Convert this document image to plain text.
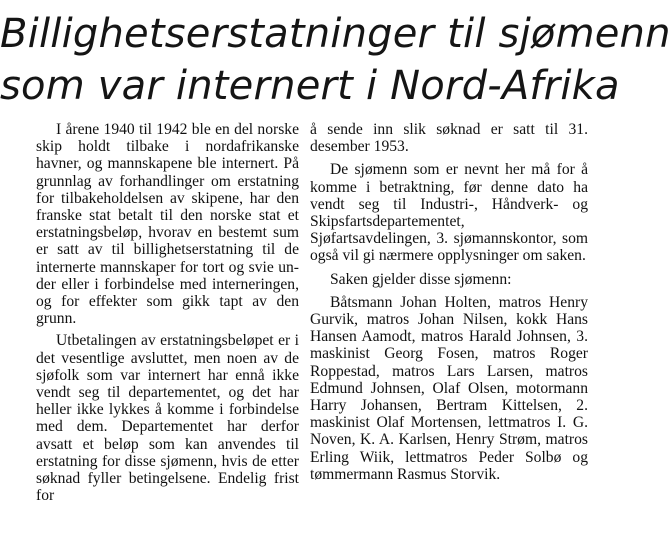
Billighetserstatninger til sjømenn
som var internert i Nord-Afrika

I årene 1940 til 1942 ble en del norske skip holdt tilbake i nordafrikanske havner, og mannskapene ble internert. På grunnlag av forhandlinger om erstatning for tilbakeholdelsen av skipene, har den franske stat betalt til den norske stat et erstatningsbeløp, hvorav en bestemt sum er satt av til billighetserstatning til de internerte mannskaper for tort og svie under eller i forbindelse med interneringen, og for effekter som gikk tapt av den grunn.

Utbetalingen av erstatningsbeløpet er i det vesentlige avsluttet, men noen av de sjøfolk som var internert har ennå ikke vendt seg til departementet, og det har heller ikke lykkes å komme i forbindelse med dem. Departementet har derfor avsatt et beløp som kan anvendes til erstatning for disse sjømenn, hvis de etter søknad fyller betingelsene. Endelig frist for

å sende inn slik søknad er satt til 31. desember 1953.

De sjømenn som er nevnt her må for å komme i betraktning, før denne dato ha vendt seg til Industri-, Håndverk- og Skipsfartsdepartementet, Sjøfartsavdelingen, 3. sjømannskontor, som også vil gi nærmere opplysninger om saken.

Saken gjelder disse sjømenn:

Båtsmann Johan Holten, matros Henry Gurvik, matros Johan Nilsen, kokk Hans Hansen Aamodt, matros Harald Johnsen, 3. maskinist Georg Fosen, matros Roger Roppestad, matros Lars Larsen, matros Edmund Johnsen, Olaf Olsen, motormann Harry Johansen, Bertram Kittelsen, 2. maskinist Olaf Mortensen, lettmatros I. G. Noven, K. A. Karlsen, Henry Strøm, matros Erling Wiik, lettmatros Peder Solbø og tømmermann Rasmus Storvik.
